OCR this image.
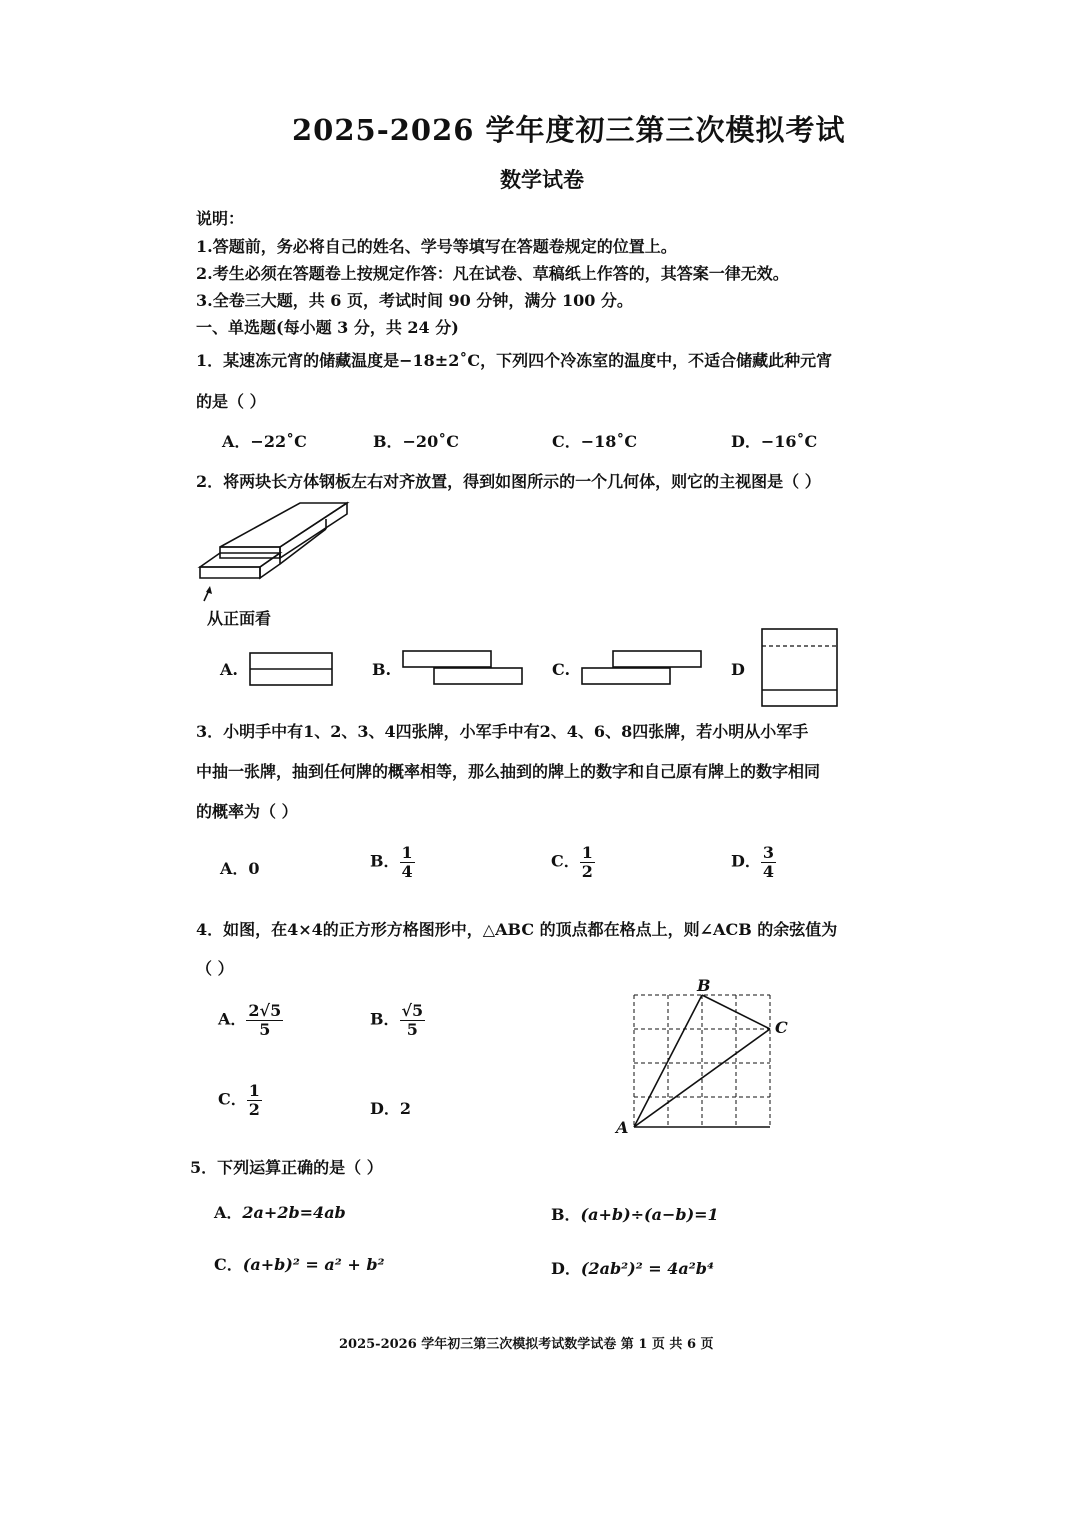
2025-2026 学年度初三第三次模拟考试
数学试卷
说明：
1.答题前，务必将自己的姓名、学号等填写在答题卷规定的位置上。
2.考生必须在答题卷上按规定作答：凡在试卷、草稿纸上作答的，其答案一律无效。
3.全卷三大题，共 6 页，考试时间 90 分钟，满分 100 分。
一、单选题(每小题 3 分，共 24 分)
1．某速冻元宵的储藏温度是−18±2˚C，下列四个冷冻室的温度中，不适合储藏此种元宵
的是（ ）
A．−22˚C	B．−20˚C	C．−18˚C	D．−16˚C
2．将两块长方体钢板左右对齐放置，得到如图所示的一个几何体，则它的主视图是（ ）
从正面看
A.	B.	C.	D
3．小明手中有1、2、3、4四张牌，小军手中有2、4、6、8四张牌，若小明从小军手
中抽一张牌，抽到任何牌的概率相等，那么抽到的牌上的数字和自己原有牌上的数字相同
的概率为（ ）
A．0	B． $\frac{1}{4}$	C． $\frac{1}{2}$	D． $\frac{3}{4}$
4．如图，在4×4的正方形方格图形中，△ABC 的顶点都在格点上，则∠ACB 的余弦值为
（ ）
A． $\frac{2√5}{5}$	B． $\frac{√5}{5}$
C． $\frac{1}{2}$	D．2
B
C
A
5．下列运算正确的是（ ）
A．2a+2b=4ab	B．(a+b)÷(a−b)=1
C．(a+b)² = a² + b²	D．(2ab²)² = 4a²b⁴
2025-2026 学年初三第三次模拟考试数学试卷 第 1 页 共 6 页
